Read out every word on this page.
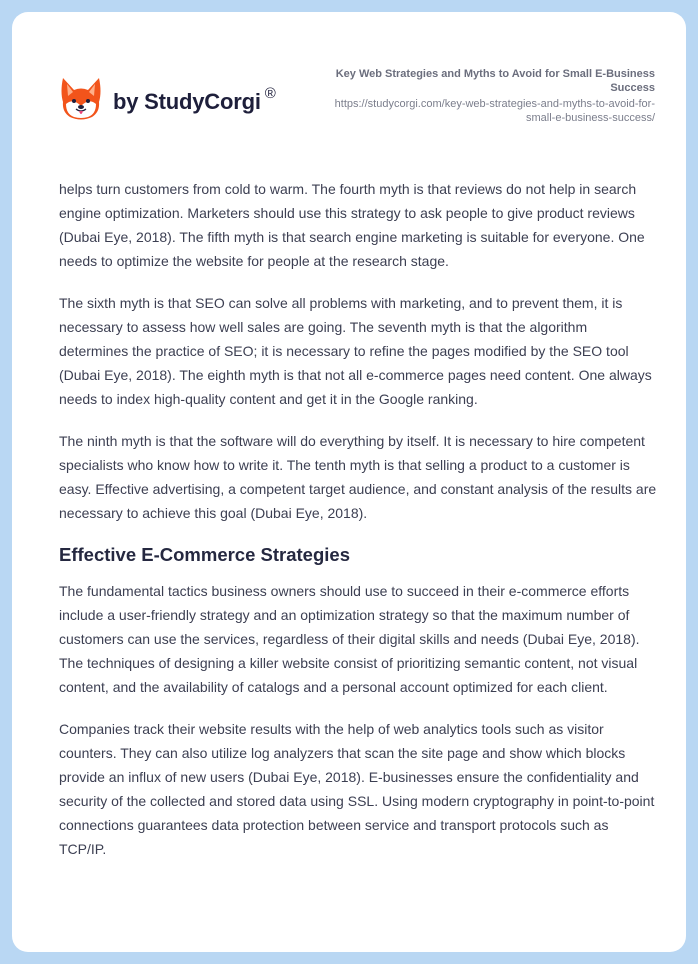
by StudyCorgi ®
Key Web Strategies and Myths to Avoid for Small E-Business Success
https://studycorgi.com/key-web-strategies-and-myths-to-avoid-for-small-e-business-success/

helps turn customers from cold to warm. The fourth myth is that reviews do not help in search engine optimization. Marketers should use this strategy to ask people to give product reviews (Dubai Eye, 2018). The fifth myth is that search engine marketing is suitable for everyone. One needs to optimize the website for people at the research stage.

The sixth myth is that SEO can solve all problems with marketing, and to prevent them, it is necessary to assess how well sales are going. The seventh myth is that the algorithm determines the practice of SEO; it is necessary to refine the pages modified by the SEO tool (Dubai Eye, 2018). The eighth myth is that not all e-commerce pages need content. One always needs to index high-quality content and get it in the Google ranking.

The ninth myth is that the software will do everything by itself. It is necessary to hire competent specialists who know how to write it. The tenth myth is that selling a product to a customer is easy. Effective advertising, a competent target audience, and constant analysis of the results are necessary to achieve this goal (Dubai Eye, 2018).

Effective E-Commerce Strategies

The fundamental tactics business owners should use to succeed in their e-commerce efforts include a user-friendly strategy and an optimization strategy so that the maximum number of customers can use the services, regardless of their digital skills and needs (Dubai Eye, 2018). The techniques of designing a killer website consist of prioritizing semantic content, not visual content, and the availability of catalogs and a personal account optimized for each client.

Companies track their website results with the help of web analytics tools such as visitor counters. They can also utilize log analyzers that scan the site page and show which blocks provide an influx of new users (Dubai Eye, 2018). E-businesses ensure the confidentiality and security of the collected and stored data using SSL. Using modern cryptography in point-to-point connections guarantees data protection between service and transport protocols such as TCP/IP.
